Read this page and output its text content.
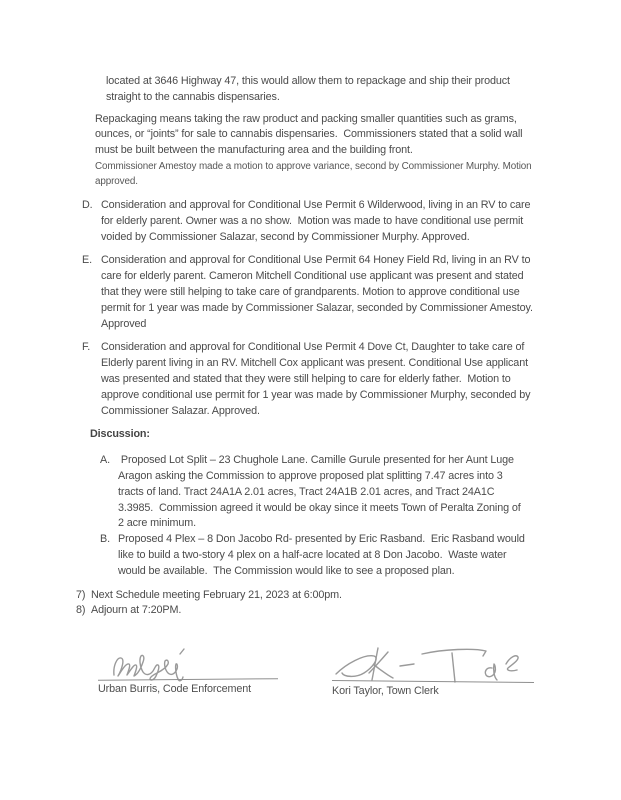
located at 3646 Highway 47, this would allow them to repackage and ship their product straight to the cannabis dispensaries.

Repackaging means taking the raw product and packing smaller quantities such as grams, ounces, or “joints” for sale to cannabis dispensaries.  Commissioners stated that a solid wall must be built between the manufacturing area and the building front.

Commissioner Amestoy made a motion to approve variance, second by Commissioner Murphy. Motion approved.

D. Consideration and approval for Conditional Use Permit 6 Wilderwood, living in an RV to care for elderly parent. Owner was a no show.  Motion was made to have conditional use permit voided by Commissioner Salazar, second by Commissioner Murphy. Approved.
E. Consideration and approval for Conditional Use Permit 64 Honey Field Rd, living in an RV to care for elderly parent. Cameron Mitchell Conditional use applicant was present and stated that they were still helping to take care of grandparents. Motion to approve conditional use permit for 1 year was made by Commissioner Salazar, seconded by Commissioner Amestoy. Approved
F.	Consideration and approval for Conditional Use Permit 4 Dove Ct, Daughter to take care of Elderly parent living in an RV. Mitchell Cox applicant was present. Conditional Use applicant was presented and stated that they were still helping to care for elderly father.  Motion to approve conditional use permit for 1 year was made by Commissioner Murphy, seconded by Commissioner Salazar. Approved.
Discussion:
A. Proposed Lot Split – 23 Chughole Lane. Camille Gurule presented for her Aunt Luge Aragon asking the Commission to approve proposed plat splitting 7.47 acres into 3 tracts of land. Tract 24A1A 2.01 acres, Tract 24A1B 2.01 acres, and Tract 24A1C 3.3985.  Commission agreed it would be okay since it meets Town of Peralta Zoning of 2 acre minimum.
B. Proposed 4 Plex – 8 Don Jacobo Rd- presented by Eric Rasband.  Eric Rasband would like to build a two-story 4 plex on a half-acre located at 8 Don Jacobo.  Waste water would be available.  The Commission would like to see a proposed plan.
7) Next Schedule meeting February 21, 2023 at 6:00pm.
8) Adjourn at 7:20PM.
Urban Burris, Code Enforcement	Kori Taylor, Town Clerk
